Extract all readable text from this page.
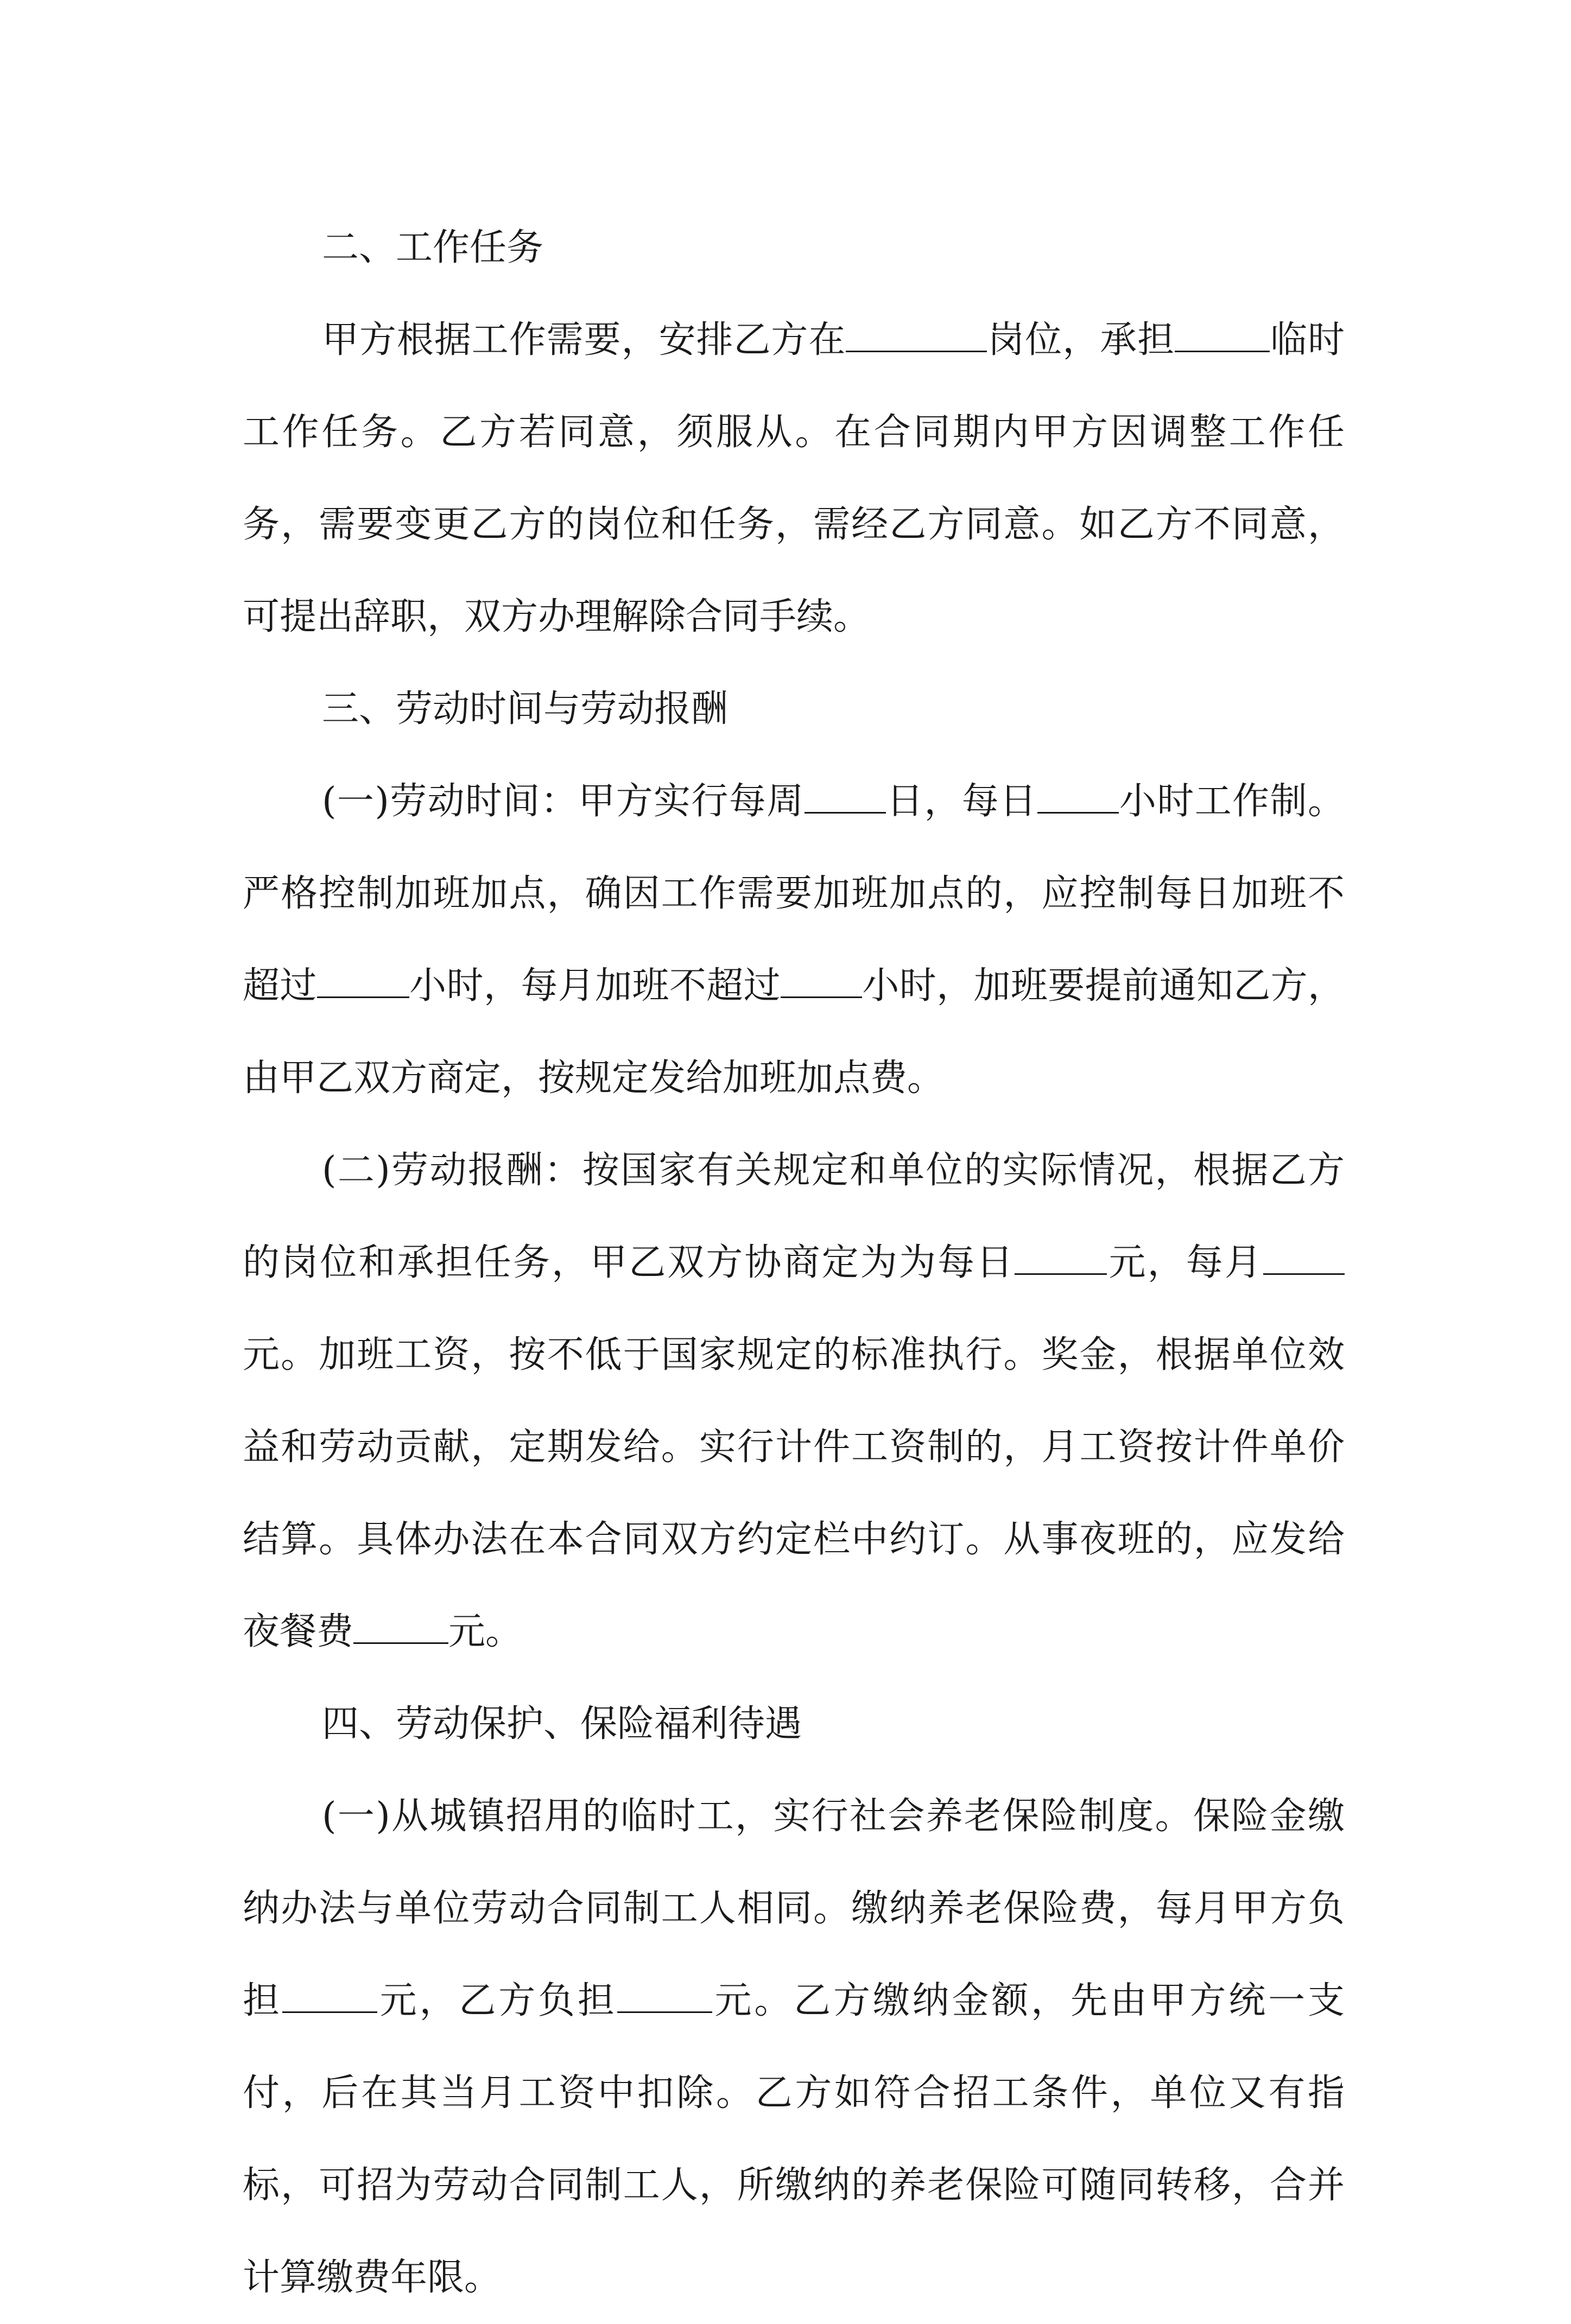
二、工作任务

甲方根据工作需要，安排乙方在	岗位，承担	临时工作任务。乙方若同意，须服从。在合同期内甲方因调整工作任务，需要变更乙方的岗位和任务，需经乙方同意。如乙方不同意，可提出辞职，双方办理解除合同手续。

三、劳动时间与劳动报酬

(一)劳动时间：甲方实行每周 日，每日 小时工作制。严格控制加班加点，确因工作需要加班加点的，应控制每日加班不超过	小时，每月加班不超过 小时，加班要提前通知乙方，由甲乙双方商定，按规定发给加班加点费。

(二)劳动报酬：按国家有关规定和单位的实际情况，根据乙方的岗位和承担任务，甲乙双方协商定为为每日	元，每月元。加班工资，按不低于国家规定的标准执行。奖金，根据单位效益和劳动贡献，定期发给。实行计件工资制的，月工资按计件单价结算。具体办法在本合同双方约定栏中约订。从事夜班的，应发给夜餐费	元。

四、劳动保护、保险福利待遇

(一)从城镇招用的临时工，实行社会养老保险制度。保险金缴纳办法与单位劳动合同制工人相同。缴纳养老保险费，每月甲方负担	元，乙方负担	元。乙方缴纳金额，先由甲方统一支付，后在其当月工资中扣除。乙方如符合招工条件，单位又有指标，可招为劳动合同制工人，所缴纳的养老保险可随同转移，合并计算缴费年限。
